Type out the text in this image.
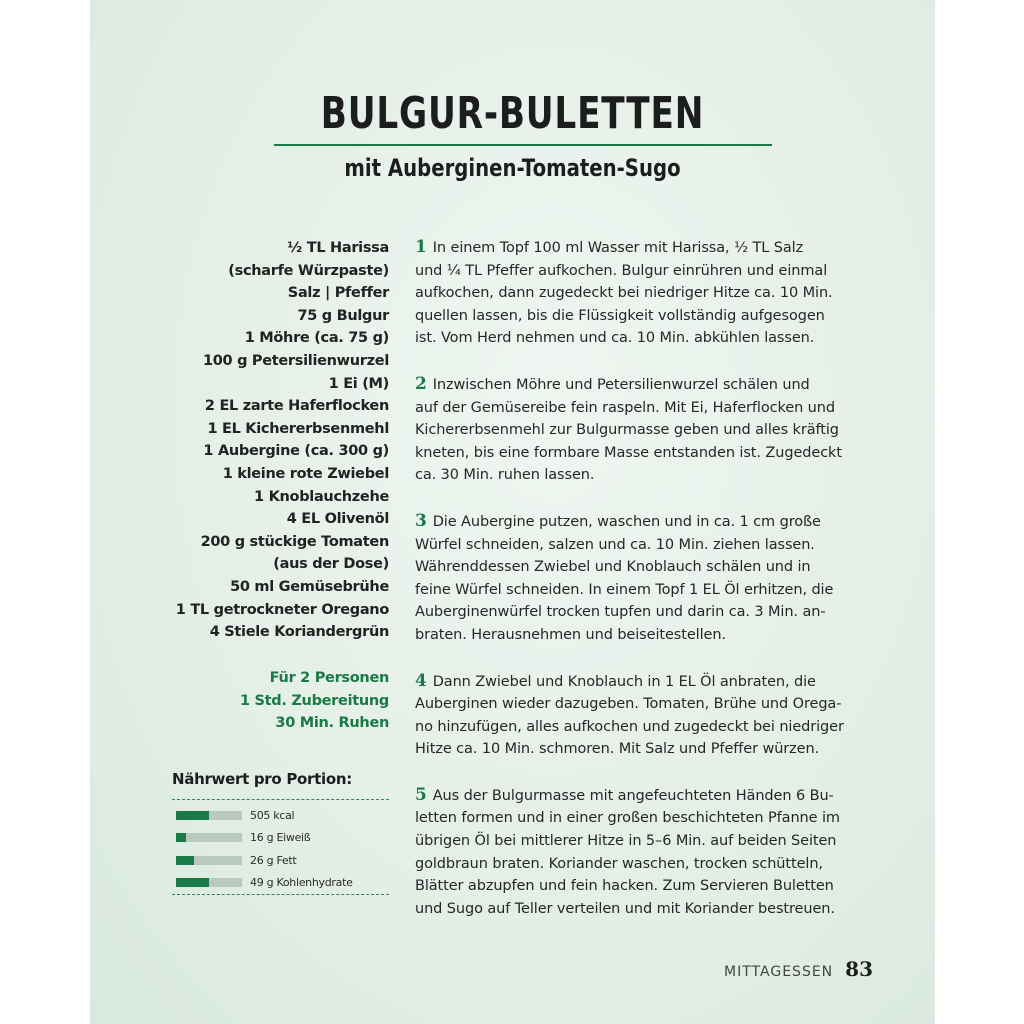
BULGUR-BULETTEN
mit Auberginen-Tomaten-Sugo
½ TL Harissa
(scharfe Würzpaste)
Salz | Pfeffer
75 g Bulgur
1 Möhre (ca. 75 g)
100 g Petersilienwurzel
1 Ei (M)
2 EL zarte Haferflocken
1 EL Kichererbsenmehl
1 Aubergine (ca. 300 g)
1 kleine rote Zwiebel
1 Knoblauchzehe
4 EL Olivenöl
200 g stückige Tomaten
(aus der Dose)
50 ml Gemüsebrühe
1 TL getrockneter Oregano
4 Stiele Koriandergrün
Für 2 Personen
1 Std. Zubereitung
30 Min. Ruhen
Nährwert pro Portion:
505 kcal
16 g Eiweiß
26 g Fett
49 g Kohlenhydrate

1 In einem Topf 100 ml Wasser mit Harissa, ½ TL Salz
und ¼ TL Pfeffer aufkochen. Bulgur einrühren und einmal
aufkochen, dann zugedeckt bei niedriger Hitze ca. 10 Min.
quellen lassen, bis die Flüssigkeit vollständig aufgesogen
ist. Vom Herd nehmen und ca. 10 Min. abkühlen lassen.

2 Inzwischen Möhre und Petersilienwurzel schälen und
auf der Gemüsereibe fein raspeln. Mit Ei, Haferflocken und
Kichererbsenmehl zur Bulgurmasse geben und alles kräftig
kneten, bis eine formbare Masse entstanden ist. Zugedeckt
ca. 30 Min. ruhen lassen.

3 Die Aubergine putzen, waschen und in ca. 1 cm große
Würfel schneiden, salzen und ca. 10 Min. ziehen lassen.
Währenddessen Zwiebel und Knoblauch schälen und in
feine Würfel schneiden. In einem Topf 1 EL Öl erhitzen, die
Auberginenwürfel trocken tupfen und darin ca. 3 Min. an-
braten. Herausnehmen und beiseitestellen.

4 Dann Zwiebel und Knoblauch in 1 EL Öl anbraten, die
Auberginen wieder dazugeben. Tomaten, Brühe und Orega-
no hinzufügen, alles aufkochen und zugedeckt bei niedriger
Hitze ca. 10 Min. schmoren. Mit Salz und Pfeffer würzen.

5 Aus der Bulgurmasse mit angefeuchteten Händen 6 Bu-
letten formen und in einer großen beschichteten Pfanne im
übrigen Öl bei mittlerer Hitze in 5–6 Min. auf beiden Seiten
goldbraun braten. Koriander waschen, trocken schütteln,
Blätter abzupfen und fein hacken. Zum Servieren Buletten
und Sugo auf Teller verteilen und mit Koriander bestreuen.

MITTAGESSEN 83
